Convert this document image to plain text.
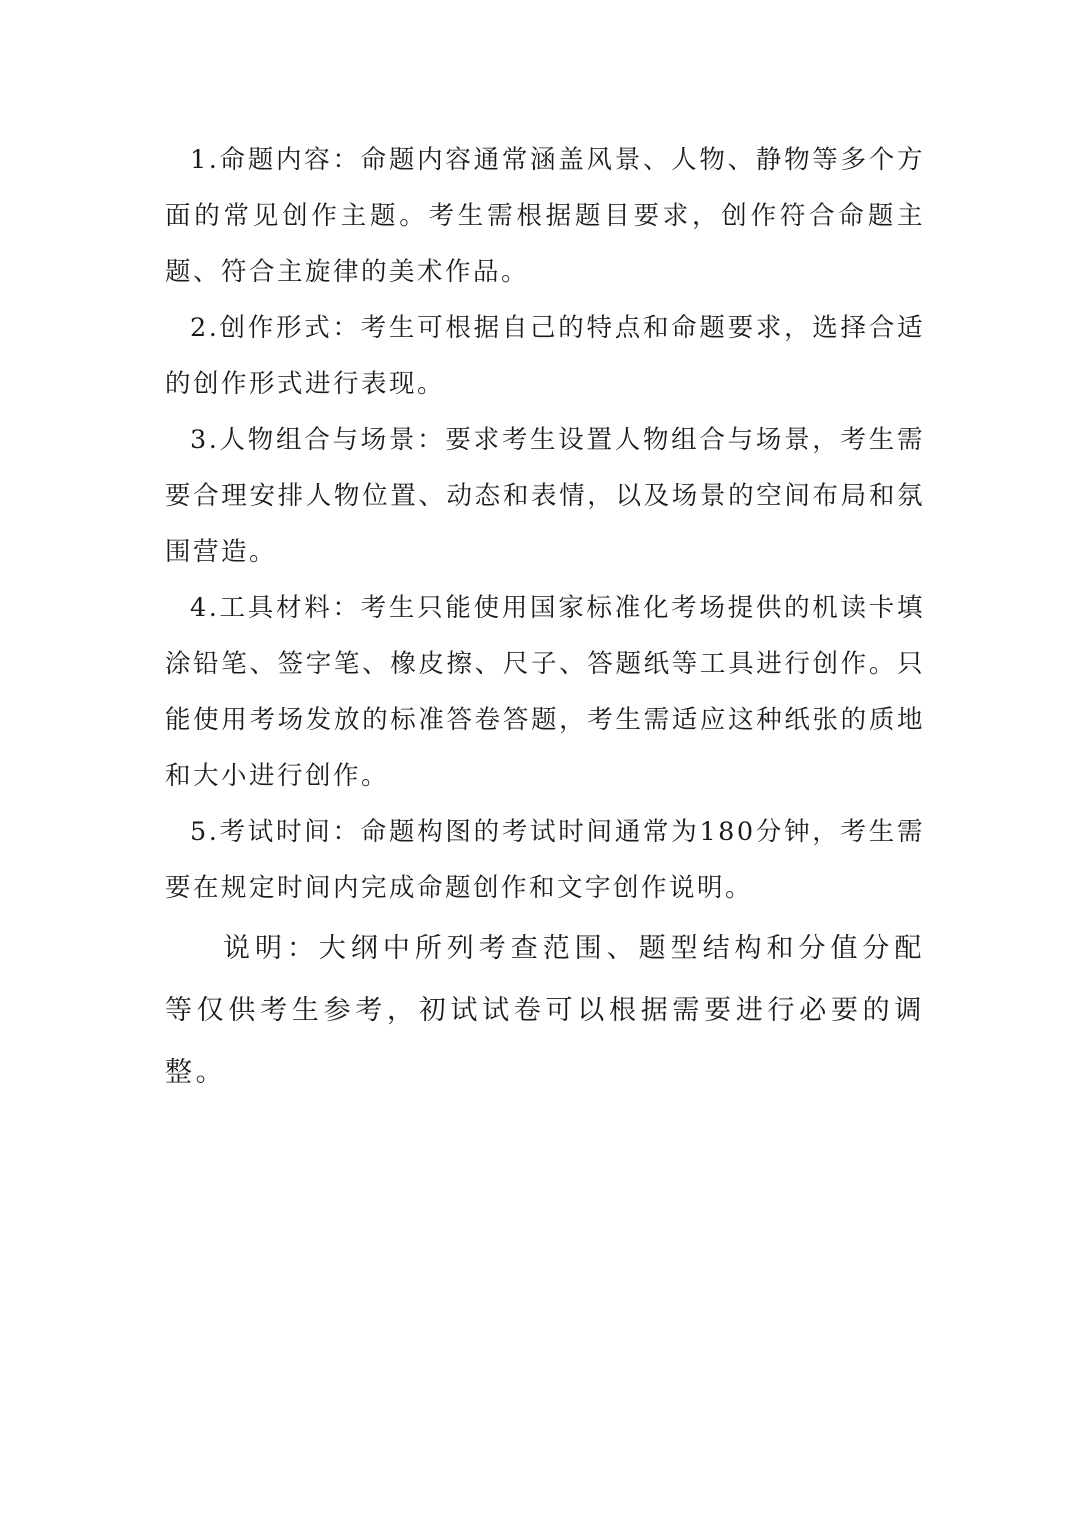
1.命题内容：命题内容通常涵盖风景、人物、静物等多个方面的常见创作主题。考生需根据题目要求，创作符合命题主题、符合主旋律的美术作品。

2.创作形式：考生可根据自己的特点和命题要求，选择合适的创作形式进行表现。

3.人物组合与场景：要求考生设置人物组合与场景，考生需要合理安排人物位置、动态和表情，以及场景的空间布局和氛围营造。

4.工具材料：考生只能使用国家标准化考场提供的机读卡填涂铅笔、签字笔、橡皮擦、尺子、答题纸等工具进行创作。只能使用考场发放的标准答卷答题，考生需适应这种纸张的质地和大小进行创作。

5.考试时间：命题构图的考试时间通常为180分钟，考生需要在规定时间内完成命题创作和文字创作说明。

说明：大纲中所列考查范围、题型结构和分值分配等仅供考生参考，初试试卷可以根据需要进行必要的调整。
